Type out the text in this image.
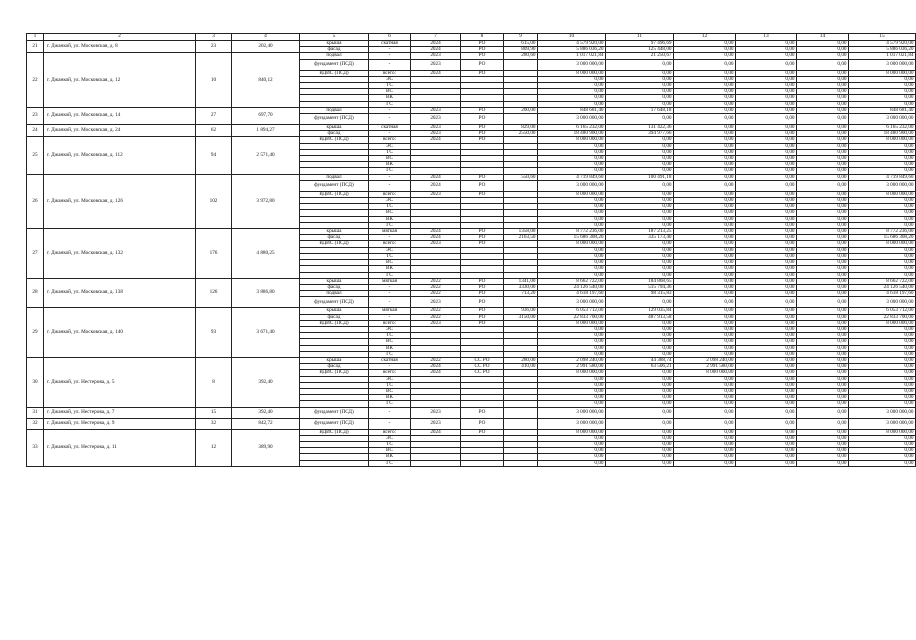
1	2	3	4	5	6	7	8	9	10	11	12	13	14	15
21	г. Джанкой, ул. Московская, д. 8	23	202,40	крыша	скатная	2024	РО	615,00	4 579 920,00	97 496,69	0,00	0,00	0,00	4 579 920,00
				фасад	-	2024	РО	809,90	5 886 036,20	125 448,00	0,00	0,00	0,00	5 886 036,20
22	г. Джанкой, ул. Московская, д. 12	10	840,12	подвал	-	2023	РО	280,60	1 017 021,84	21 250,67	0,00	0,00	0,00	1 017 021,84
				фундамент (ПСД)	-	2023	РО		3 000 000,00	0,00	0,00	0,00	0,00	3 000 000,00
				ВДИС (ПСД)	всего:	2024	РО		8 000 000,00	0,00	0,00	0,00	0,00	8 000 000,00
					ЭС				0,00	0,00	0,00	0,00	0,00	0,00
					ТС				0,00	0,00	0,00	0,00	0,00	0,00
					ВС				0,00	0,00	0,00	0,00	0,00	0,00
					ВК				0,00	0,00	0,00	0,00	0,00	0,00
					ГС				0,00	0,00	0,00	0,00	0,00	0,00
23	г. Джанкой, ул. Московская, д. 14	27	697,70	подвал	-	2023	РО	200,00	848 681,40	17 648,18	0,00	0,00	0,00	848 681,40
				фундамент (ПСД)	-	2023	РО		3 000 000,00	0,00	0,00	0,00	0,00	3 000 000,00
24	г. Джанкой, ул. Московская, д. 24	62	1 894,27	крыша	скатная	2023	РО	829,00	6 165 232,00	131 422,36	0,00	0,00	0,00	6 165 232,00
				фасад	-	2023	РО	2550,00	18 480 900,00	394 977,66	0,00	0,00	0,00	18 480 900,00
25	г. Джанкой, ул. Московская, д. 112	94	2 571,40	ВДИС (ПСД)	всего:	2024	РО		8 000 000,00	0,00	0,00	0,00	0,00	8 000 000,00
					ЭС				0,00	0,00	0,00	0,00	0,00	0,00
					ТС				0,00	0,00	0,00	0,00	0,00	0,00
					ВС				0,00	0,00	0,00	0,00	0,00	0,00
					ВК				0,00	0,00	0,00	0,00	0,00	0,00
					ГС				0,00	0,00	0,00	0,00	0,00	0,00
26	г. Джанкой, ул. Московская, д. 126	102	3 972,80	подвал	-	2024	РО	550,60	4 719 849,60	100 491,18	0,00	0,00	0,00	4 719 849,60
				фундамент (ПСД)	-	2024	РО		3 000 000,00	0,00	0,00	0,00	0,00	3 000 000,00
				ВДИС (ПСД)	всего:	2023	РО		8 000 000,00	0,00	0,00	0,00	0,00	8 000 000,00
					ЭС				0,00	0,00	0,00	0,00	0,00	0,00
					ТС				0,00	0,00	0,00	0,00	0,00	0,00
					ВС				0,00	0,00	0,00	0,00	0,00	0,00
					ВК				0,00	0,00	0,00	0,00	0,00	0,00
					ГС				0,00	0,00	0,00	0,00	0,00	0,00
27	г. Джанкой, ул. Московская, д. 132	176	4 880,25	крыша	мягкая	2024	РО	1358,00	8 772 236,00	187 213,25	0,00	0,00	0,00	8 772 236,00
				фасад	-	2024	РО	2163,50	15 686 308,20	335 173,40	0,00	0,00	0,00	15 686 308,20
				ВДИС (ПСД)	всего:	2023	РО		8 000 000,00	0,00	0,00	0,00	0,00	8 000 000,00
					ЭС				0,00	0,00	0,00	0,00	0,00	0,00
					ТС				0,00	0,00	0,00	0,00	0,00	0,00
					ВС				0,00	0,00	0,00	0,00	0,00	0,00
					ВК				0,00	0,00	0,00	0,00	0,00	0,00
					ГС				0,00	0,00	0,00	0,00	0,00	0,00
28	г. Джанкой, ул. Московская, д. 138	126	3 886,80	крыша	мягкая	2022	РО	1341,00	8 662 722,00	184 868,65	0,00	0,00	0,00	8 662 722,00
				фасад	-	2022	РО	3330,00	24 126 540,00	515 794,36	0,00	0,00	0,00	24 126 540,00
				подвал	-	2022	РО	713,20	4 618 197,60	98 315,83	0,00	0,00	0,00	4 618 197,60
				фундамент (ПСД)	-	2023	РО		3 000 000,00	0,00	0,00	0,00	0,00	3 000 000,00
29	г. Джанкой, ул. Московская, д. 140	93	3 671,40	крыша	мягкая	2022	РО	936,00	6 053 712,00	129 035,84	0,00	0,00	0,00	6 053 712,00
				фасад	-	2022	РО	3150,00	22 833 700,00	487 913,58	0,00	0,00	0,00	22 833 700,00
				ВДИС (ПСД)	всего:	2023	РО		8 000 000,00	0,00	0,00	0,00	0,00	8 000 000,00
					ЭС				0,00	0,00	0,00	0,00	0,00	0,00
					ТС				0,00	0,00	0,00	0,00	0,00	0,00
					ВС				0,00	0,00	0,00	0,00	0,00	0,00
					ВК				0,00	0,00	0,00	0,00	0,00	0,00
					ГС				0,00	0,00	0,00	0,00	0,00	0,00
30	г. Джанкой, ул. Нестерова, д. 5	8	392,40	крыша	скатная	2022	СС РО	280,00	2 098 240,00	44 388,74	2 098 240,00	0,00	0,00	0,00
				фасад	-	2024	СС РО	410,00	2 991 580,00	63 506,21	2 991 580,00	0,00	0,00	0,00
				ВДИС (ПСД)	всего:	2024	СС РО		8 000 000,00	0,00	8 000 000,00	0,00	0,00	0,00
					ЭС				0,00	0,00	0,00	0,00	0,00	0,00
					ТС				0,00	0,00	0,00	0,00	0,00	0,00
					ВС				0,00	0,00	0,00	0,00	0,00	0,00
					ВК				0,00	0,00	0,00	0,00	0,00	0,00
					ГС				0,00	0,00	0,00	0,00	0,00	0,00
31	г. Джанкой, ул. Нестерова, д. 7	15	392,40	фундамент (ПСД)	-	2023	РО		3 000 000,00	0,00	0,00	0,00	0,00	3 000 000,00
32	г. Джанкой, ул. Нестерова, д. 9	32	842,72	фундамент (ПСД)	-	2023	РО		3 000 000,00	0,00	0,00	0,00	0,00	3 000 000,00
33	г. Джанкой, ул. Нестерова, д. 11	12	389,90	ВДИС (ПСД)	всего:	2024	РО		8 000 000,00	0,00	0,00	0,00	0,00	8 000 000,00
					ЭС				0,00	0,00	0,00	0,00	0,00	0,00
					ТС				0,00	0,00	0,00	0,00	0,00	0,00
					ВС				0,00	0,00	0,00	0,00	0,00	0,00
					ВК				0,00	0,00	0,00	0,00	0,00	0,00
					ГС				0,00	0,00	0,00	0,00	0,00	0,00
